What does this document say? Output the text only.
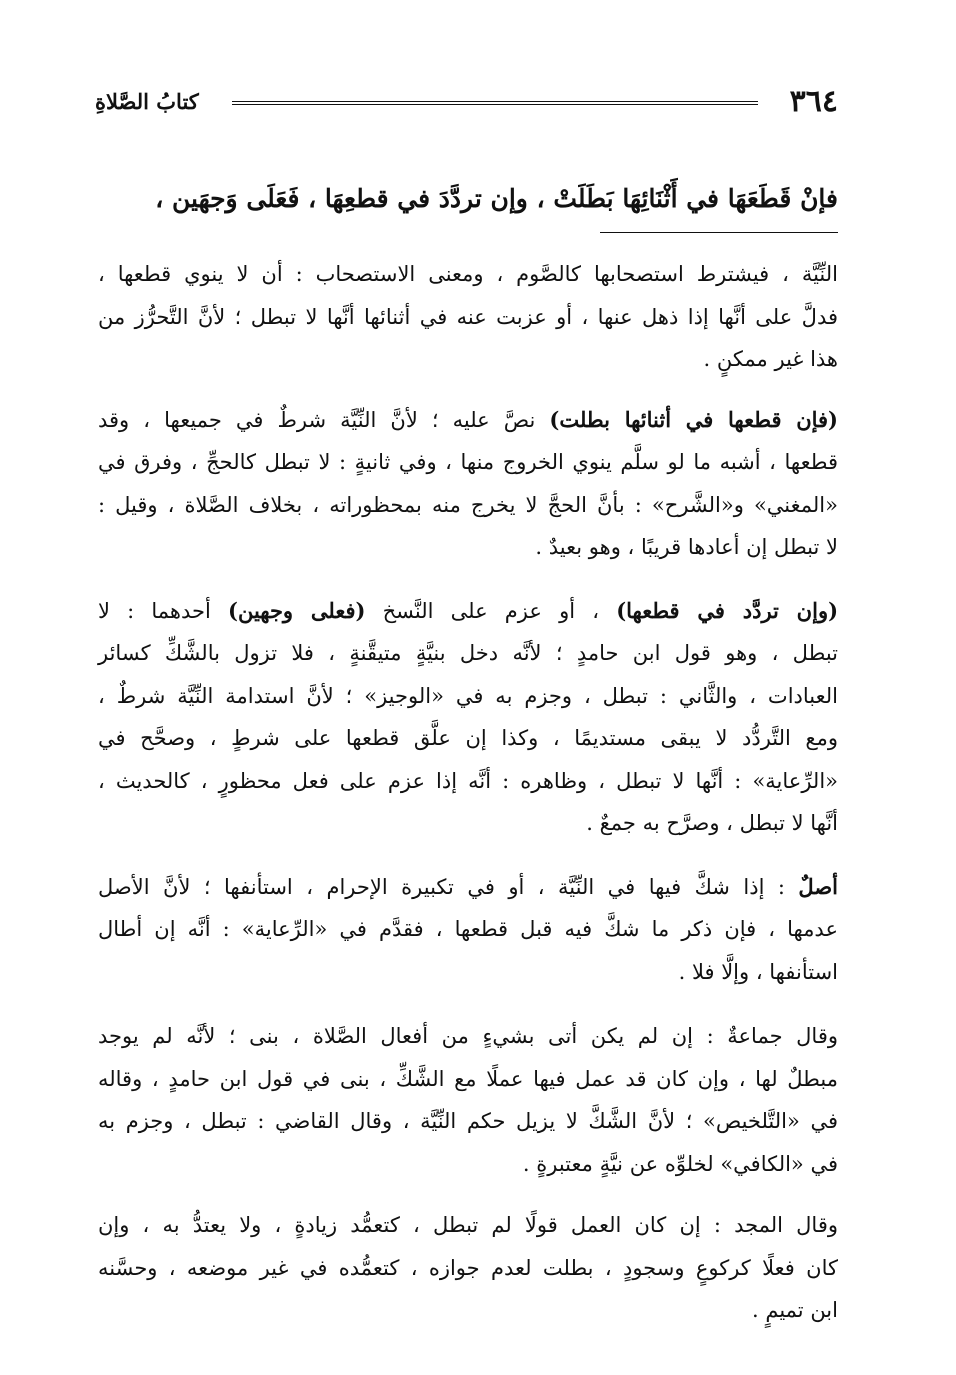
٣٦٤
كتابُ الصَّلاةِ
فإنْ قَطَعَهَا في أَثْنَائِهَا بَطَلَتْ ، وإن تردَّدَ في قطعِهَا ، فَعَلَى وَجهَين ،
النِّيَّة ، فيشترط استصحابها كالصَّوم ، ومعنى الاستصحاب : أن لا ينوي قطعها ،
فدلَّ على أنَّها إذا ذهل عنها ، أو عزبت عنه في أثنائها أنَّها لا تبطل ؛ لأنَّ التَّحرُّز من
هذا غير ممكنٍ .
(فإن قطعها في أثنائها بطلت) نصَّ عليه ؛ لأنَّ النِّيَّة شرطٌ في جميعها ، وقد
قطعها ، أشبه ما لو سلَّم ينوي الخروج منها ، وفي ثانيةٍ : لا تبطل كالحجِّ ، وفرق في
«المغني» و«الشَّرح» : بأنَّ الحجَّ لا يخرج منه بمحظوراته ، بخلاف الصَّلاة ، وقيل :
لا تبطل إن أعادها قريبًا ، وهو بعيدٌ .
(وإن تردَّد في قطعها) ، أو عزم على النَّسخ (فعلى وجهين) أحدهما : لا
تبطل ، وهو قول ابن حامدٍ ؛ لأنَّه دخل بنيَّةٍ متيقَّنةٍ ، فلا تزول بالشَّكِّ كسائر
العبادات ، والثَّاني : تبطل ، وجزم به في «الوجيز» ؛ لأنَّ استدامة النِّيَّة شرطٌ ،
ومع التَّردُّد لا يبقى مستديمًا ، وكذا إن علَّق قطعها على شرطٍ ، وصحَّح في
«الرِّعاية» : أنَّها لا تبطل ، وظاهره : أنَّه إذا عزم على فعل محظورٍ ، كالحديث ،
أنَّها لا تبطل ، وصرَّح به جمعٌ .
أصلٌ : إذا شكَّ فيها في النِّيَّة ، أو في تكبيرة الإحرام ، استأنفها ؛ لأنَّ الأصل
عدمها ، فإن ذكر ما شكَّ فيه قبل قطعها ، فقدَّم في «الرِّعاية» : أنَّه إن أطال
استأنفها ، وإلَّا فلا .
وقال جماعةٌ : إن لم يكن أتى بشيءٍ من أفعال الصَّلاة ، بنى ؛ لأنَّه لم يوجد
مبطلٌ لها ، وإن كان قد عمل فيها عملًا مع الشَّكِّ ، بنى في قول ابن حامدٍ ، وقاله
في «التَّلخيص» ؛ لأنَّ الشَّكَّ لا يزيل حكم النِّيَّة ، وقال القاضي : تبطل ، وجزم به
في «الكافي» لخلوِّه عن نيَّةٍ معتبرةٍ .
وقال المجد : إن كان العمل قولًا لم تبطل ، كتعمُّد زيادةٍ ، ولا يعتدُّ به ، وإن
كان فعلًا كركوعٍ وسجودٍ ، بطلت لعدم جوازه ، كتعمُّده في غير موضعه ، وحسَّنه
ابن تميمٍ .
